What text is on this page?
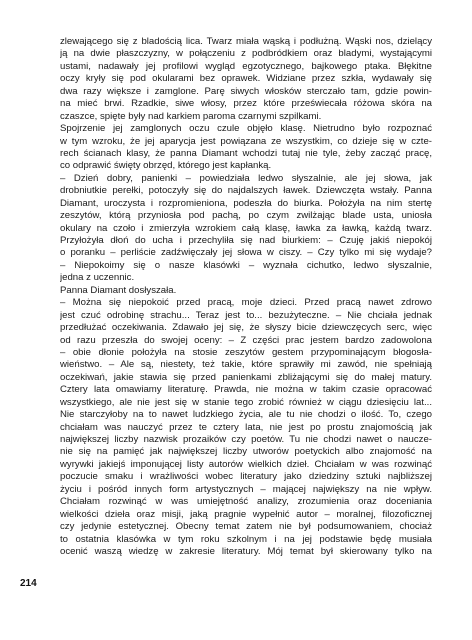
zlewającego się z bladością lica. Twarz miała wąską i podłużną. Wąski nos, dzielący
ją na dwie płaszczyzny, w połączeniu z podbródkiem oraz bladymi, wystającymi
ustami, nadawały jej profilowi wygląd egzotycznego, bajkowego ptaka. Błękitne
oczy kryły się pod okularami bez oprawek. Widziane przez szkła, wydawały się
dwa razy większe i zamglone. Parę siwych włosków sterczało tam, gdzie powin-
na mieć brwi. Rzadkie, siwe włosy, przez które przeświecała różowa skóra na
czaszce, spięte były nad karkiem paroma czarnymi szpilkami.
Spojrzenie jej zamglonych oczu czule objęło klasę. Nietrudno było rozpoznać
w tym wzroku, że jej aparycja jest powiązana ze wszystkim, co dzieje się w czte-
rech ścianach klasy, że panna Diamant wchodzi tutaj nie tyle, żeby zacząć pracę,
co odprawić święty obrzęd, którego jest kapłanką.
– Dzień dobry, panienki – powiedziała ledwo słyszalnie, ale jej słowa, jak
drobniutkie perełki, potoczyły się do najdalszych ławek. Dziewczęta wstały. Panna
Diamant, uroczysta i rozpromieniona, podeszła do biurka. Położyła na nim stertę
zeszytów, którą przyniosła pod pachą, po czym zwilżając blade usta, uniosła
okulary na czoło i zmierzyła wzrokiem całą klasę, ławka za ławką, każdą twarz.
Przyłożyła dłoń do ucha i przechyliła się nad biurkiem: – Czuję jakiś niepokój
o poranku – perliście zadźwięczały jej słowa w ciszy. – Czy tylko mi się wydaje?
– Niepokoimy się o nasze klasówki – wyznała cichutko, ledwo słyszalnie,
jedna z uczennic.
Panna Diamant dosłyszała.
– Można się niepokoić przed pracą, moje dzieci. Przed pracą nawet zdrowo
jest czuć odrobinę strachu... Teraz jest to... bezużyteczne. – Nie chciała jednak
przedłużać oczekiwania. Zdawało jej się, że słyszy bicie dziewczęcych serc, więc
od razu przeszła do swojej oceny: – Z części prac jestem bardzo zadowolona
– obie dłonie położyła na stosie zeszytów gestem przypominającym błogosła-
wieństwo. – Ale są, niestety, też takie, które sprawiły mi zawód, nie spełniają
oczekiwań, jakie stawia się przed panienkami zbliżającymi się do małej matury.
Cztery lata omawiamy literaturę. Prawda, nie można w takim czasie opracować
wszystkiego, ale nie jest się w stanie tego zrobić również w ciągu dziesięciu lat...
Nie starczyłoby na to nawet ludzkiego życia, ale tu nie chodzi o ilość. To, czego
chciałam was nauczyć przez te cztery lata, nie jest po prostu znajomością jak
największej liczby nazwisk prozaików czy poetów. Tu nie chodzi nawet o naucze-
nie się na pamięć jak największej liczby utworów poetyckich albo znajomość na
wyrywki jakiejś imponującej listy autorów wielkich dzieł. Chciałam w was rozwinąć
poczucie smaku i wrażliwości wobec literatury jako dziedziny sztuki najbliższej
życiu i pośród innych form artystycznych – mającej największy na nie wpływ.
Chciałam rozwinąć w was umiejętność analizy, zrozumienia oraz doceniania
wielkości dzieła oraz misji, jaką pragnie wypełnić autor – moralnej, filozoficznej
czy jedynie estetycznej. Obecny temat zatem nie był podsumowaniem, chociaż
to ostatnia klasówka w tym roku szkolnym i na jej podstawie będę musiała
ocenić waszą wiedzę w zakresie literatury. Mój temat był skierowany tylko na
214
